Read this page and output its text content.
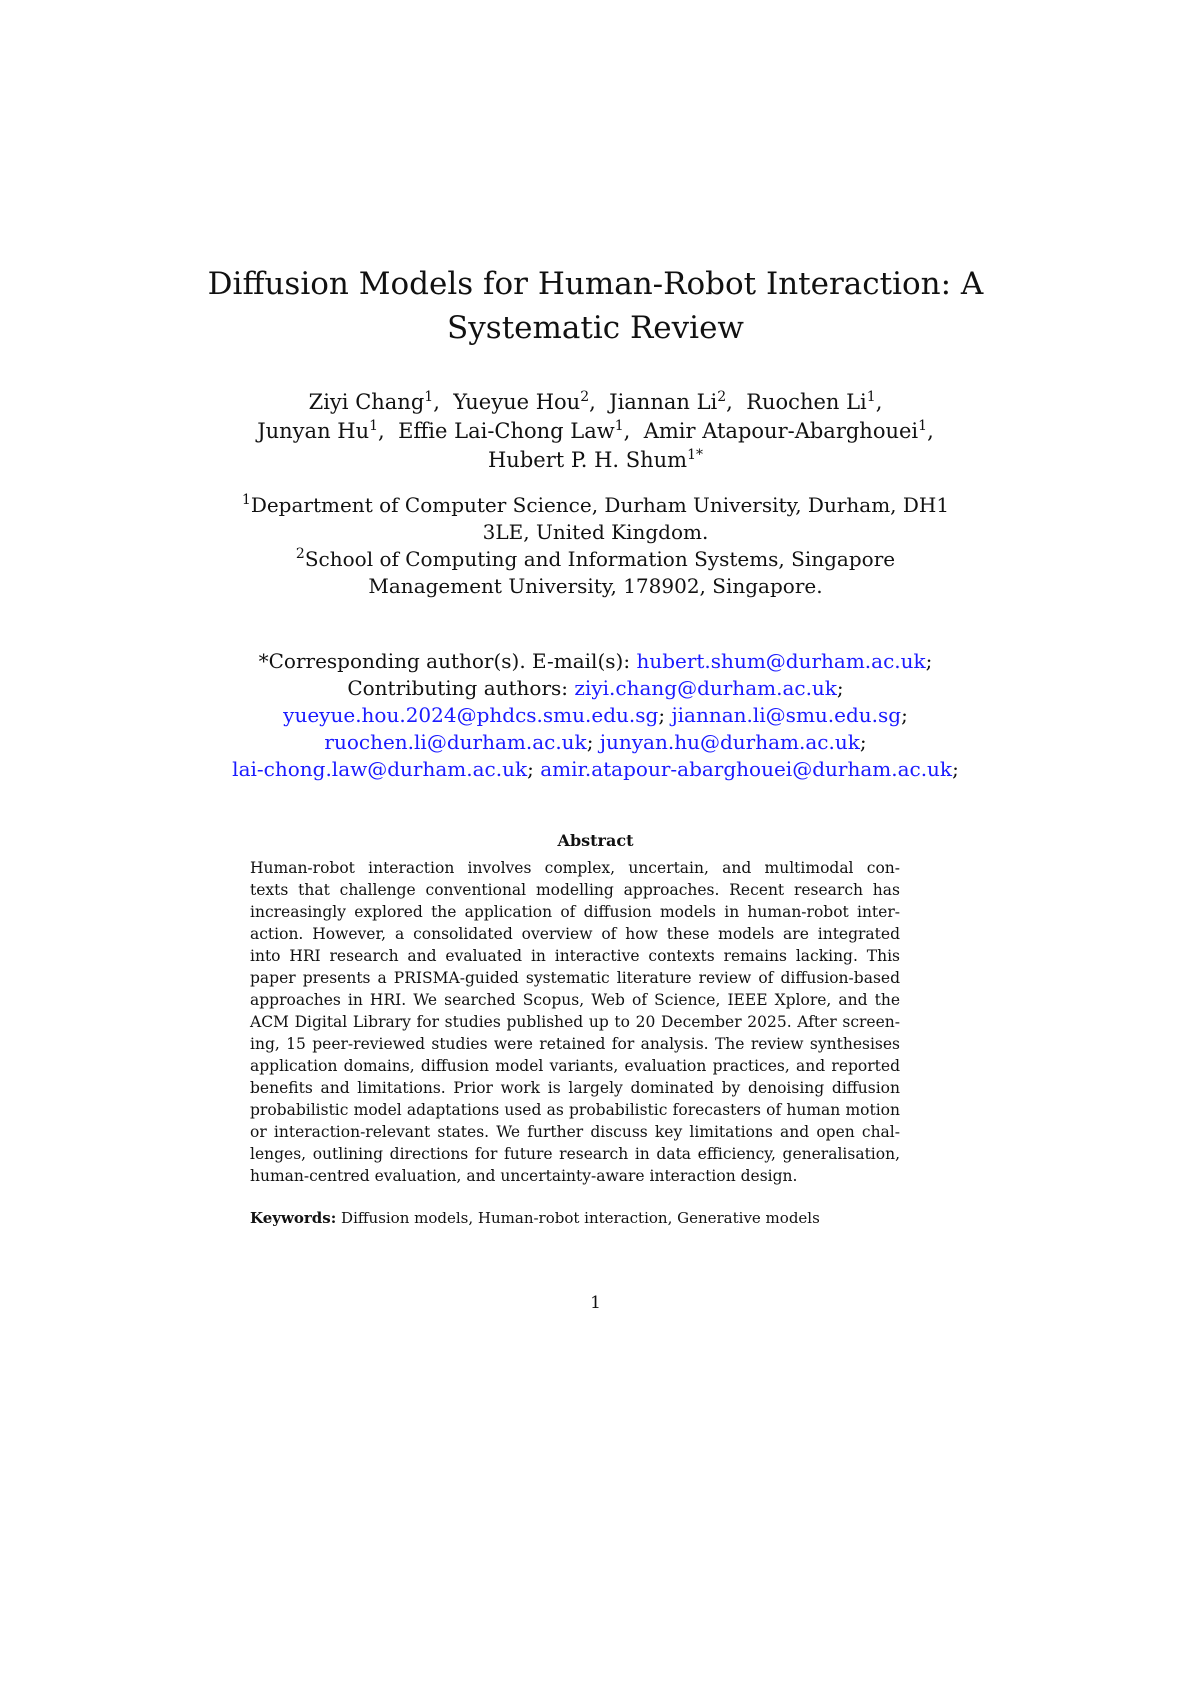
Diffusion Models for Human-Robot Interaction: A
Systematic Review
Ziyi Chang$^1$,  Yueyue Hou$^2$,  Jiannan Li$^2$,  Ruochen Li$^1$,
Junyan Hu$^1$,  Effie Lai-Chong Law$^1$,  Amir Atapour-Abarghouei$^1$,
Hubert P. H. Shum$^{1*}$
$^1$Department of Computer Science, Durham University, Durham, DH1
3LE, United Kingdom.
$^2$School of Computing and Information Systems, Singapore
Management University, 178902, Singapore.
*Corresponding author(s). E-mail(s): hubert.shum@durham.ac.uk;
Contributing authors: ziyi.chang@durham.ac.uk;
yueyue.hou.2024@phdcs.smu.edu.sg; jiannan.li@smu.edu.sg;
ruochen.li@durham.ac.uk; junyan.hu@durham.ac.uk;
lai-chong.law@durham.ac.uk; amir.atapour-abarghouei@durham.ac.uk;
Abstract
Human-robot interaction involves complex, uncertain, and multimodal con-
texts that challenge conventional modelling approaches. Recent research has
increasingly explored the application of diffusion models in human-robot inter-
action. However, a consolidated overview of how these models are integrated
into HRI research and evaluated in interactive contexts remains lacking. This
paper presents a PRISMA-guided systematic literature review of diffusion-based
approaches in HRI. We searched Scopus, Web of Science, IEEE Xplore, and the
ACM Digital Library for studies published up to 20 December 2025. After screen-
ing, 15 peer-reviewed studies were retained for analysis. The review synthesises
application domains, diffusion model variants, evaluation practices, and reported
benefits and limitations. Prior work is largely dominated by denoising diffusion
probabilistic model adaptations used as probabilistic forecasters of human motion
or interaction-relevant states. We further discuss key limitations and open chal-
lenges, outlining directions for future research in data efficiency, generalisation,
human-centred evaluation, and uncertainty-aware interaction design.
Keywords: Diffusion models, Human-robot interaction, Generative models
1
